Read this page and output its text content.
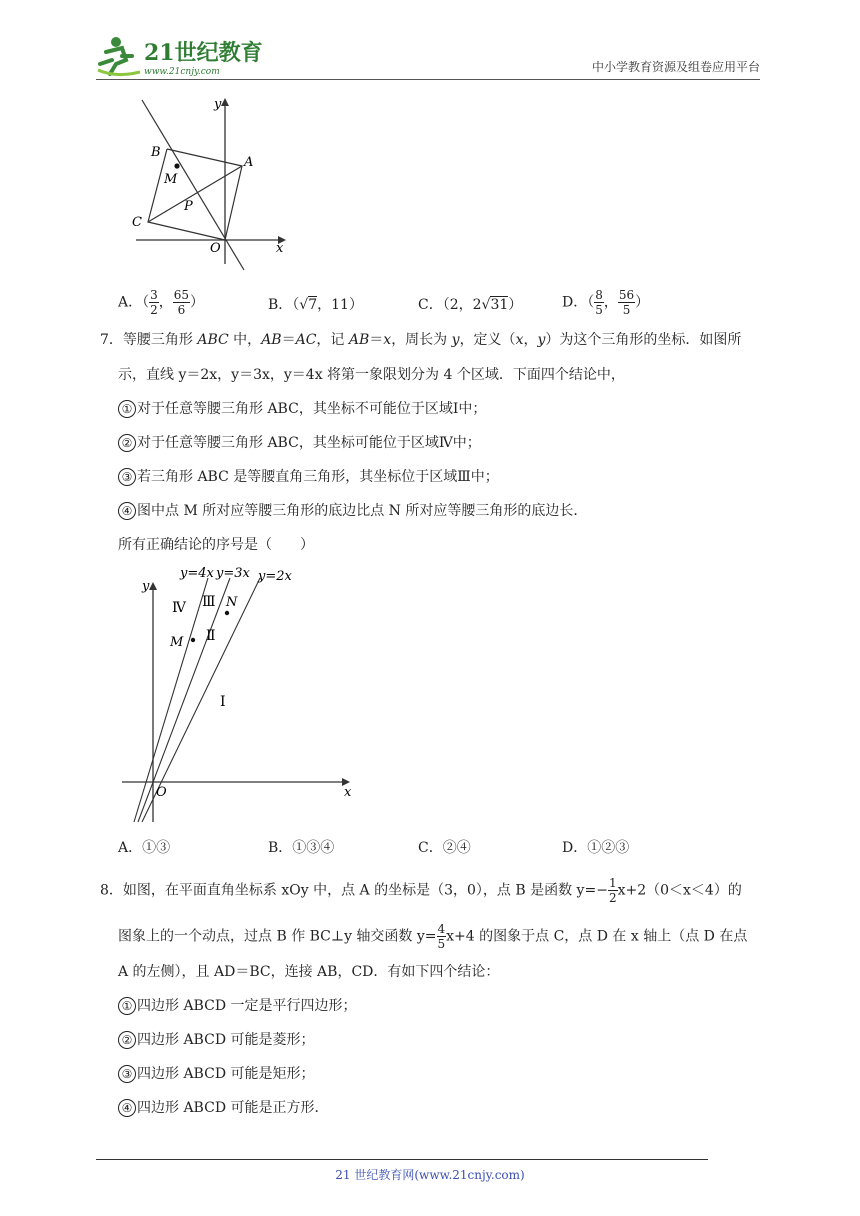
21世纪教育
www.21cnjy.com	中小学教育资源及组卷应用平台
y
x
B
A
M
P
C
O
A．（ $\frac{3}{2}$ ， $\frac{65}{6}$ ）	B．（√7，11）	C．（2，2√31）	D．（ $\frac{8}{5}$ ， $\frac{56}{5}$ ）
7．等腰三角形 ABC 中，AB＝AC，记 AB＝x，周长为 y，定义（x，y）为这个三角形的坐标．如图所
示，直线 y＝2x，y＝3x，y＝4x 将第一象限划分为 4 个区域．下面四个结论中，
① 对于任意等腰三角形 ABC，其坐标不可能位于区域Ⅰ中；
② 对于任意等腰三角形 ABC，其坐标可能位于区域Ⅳ中；
③ 若三角形 ABC 是等腰直角三角形，其坐标位于区域Ⅲ中；
④ 图中点 M 所对应等腰三角形的底边比点 N 所对应等腰三角形的底边长．
所有正确结论的序号是（　　）
y
x
O
y=4x y=3x y=2x
Ⅳ Ⅲ
Ⅱ
Ⅰ
M
N
A．①③	B．①③④	C．②④	D．①②③
8．如图，在平面直角坐标系 xOy 中，点 A 的坐标是（3，0），点 B 是函数 $y=- \frac{1}{2} x+2(0<x<4)$的
图象上的一个动点，过点 B 作 BC⊥y 轴交函数 $y= \frac{4}{5} x+4$ 的图象于点 C，点 D 在 x 轴上（点 D 在点
A 的左侧），且 AD＝BC，连接 AB，CD．有如下四个结论：
① 四边形 ABCD 一定是平行四边形；
② 四边形 ABCD 可能是菱形；
③ 四边形 ABCD 可能是矩形；
④ 四边形 ABCD 可能是正方形．
21 世纪教育网(www.21cnjy.com)
